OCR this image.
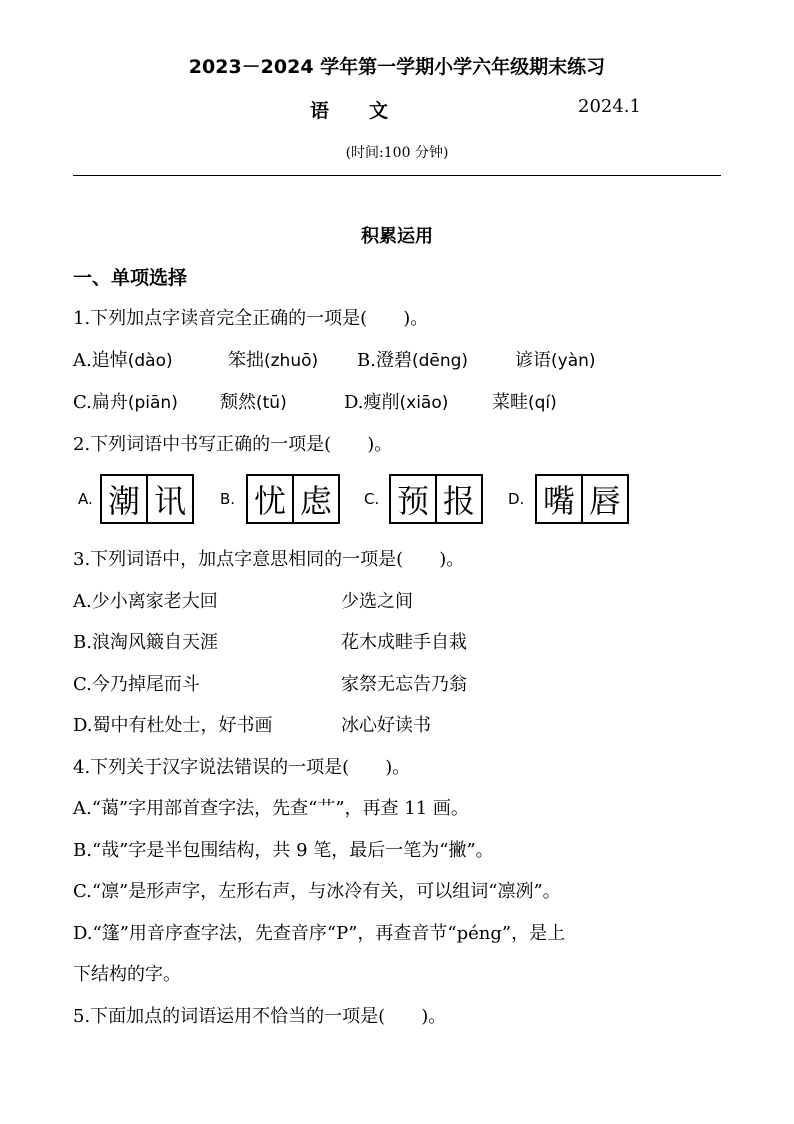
2023－2024 学年第一学期小学六年级期末练习
语文	2024.1
(时间:100 分钟)
积累运用
一、单项选择
1.下列加点字读音完全正确的一项是(　　)。
A.追悼(dào)	笨拙(zhuō) B.澄碧(dēng)	谚语(yàn)
C.扁舟(piān) 颓然(tū)	D.瘦削(xiāo) 菜畦(qí)
2.下列词语中书写正确的一项是(　　)。
A. 潮 讯	B. 忧 虑	C. 预 报	D. 嘴 唇
3.下列词语中，加点字意思相同的一项是(　　)。
A.少小离家老大回	少选之间
B.浪淘风簸自天涯	花木成畦手自栽
C.今乃掉尾而斗	家祭无忘告乃翁
D.蜀中有杜处士，好书画	冰心好读书
4.下列关于汉字说法错误的一项是(　　)。
A.“蔼”字用部首查字法，先查“艹”，再查 11 画。
B.“哉”字是半包围结构，共 9 笔，最后一笔为“撇”。
C.“凛”是形声字，左形右声，与冰冷有关，可以组词“凛冽”。
D.“篷”用音序查字法，先查音序“P”，再查音节“péng”，是上
下结构的字。
5.下面加点的词语运用不恰当的一项是(　　)。
